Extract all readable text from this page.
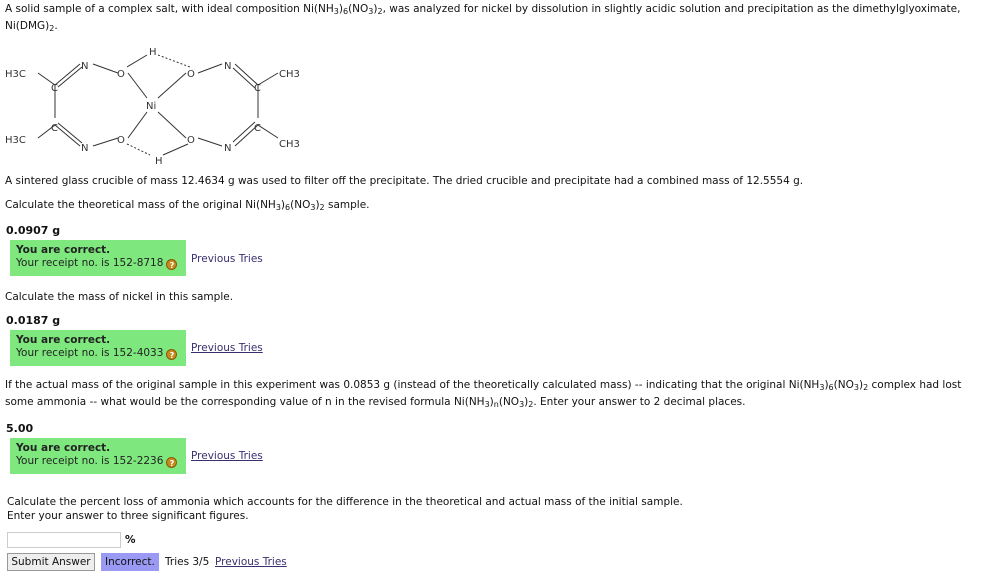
A solid sample of a complex salt, with ideal composition $Ni(NH_3)_6(NO_3)_2$, was analyzed for nickel by dissolution in slightly acidic solution and precipitation as the dimethylglyoximate,
$Ni(DMG)_2$.
H
H
H3C
H3C
CH3
CH3
N
N
N
N
O
O
O
O
C
C
C
C
Ni
A sintered glass crucible of mass 12.4634 g was used to filter off the precipitate. The dried crucible and precipitate had a combined mass of 12.5554 g.
Calculate the theoretical mass of the original $Ni(NH_3)_6(NO_3)_2$ sample.
0.0907 g
You are correct.
Your receipt no. is 152-8718 ?
Previous Tries
Calculate the mass of nickel in this sample.
0.0187 g
You are correct.
Your receipt no. is 152-4033 ?
Previous Tries
If the actual mass of the original sample in this experiment was 0.0853 g (instead of the theoretically calculated mass) -- indicating that the original $Ni(NH_3)_6(NO_3)_2$ complex had lost
some ammonia -- what would be the corresponding value of n in the revised formula $Ni(NH_3)_n(NO_3)_2$. Enter your answer to 2 decimal places.
5.00
You are correct.
Your receipt no. is 152-2236 ?
Previous Tries
Calculate the percent loss of ammonia which accounts for the difference in the theoretical and actual mass of the initial sample.
Enter your answer to three significant figures.
%
Submit Answer	Incorrect. Tries 3/5 Previous Tries
